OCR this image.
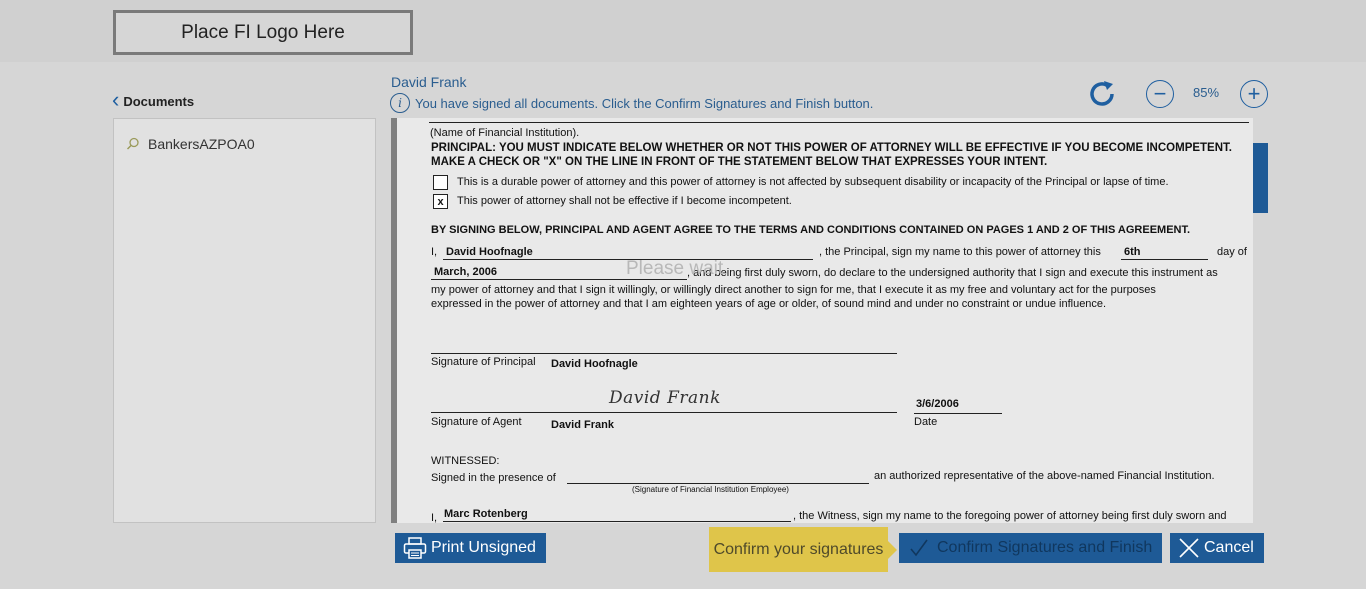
Place FI Logo Here
‹ Documents
BankersAZPOA0
David Frank
i	You have signed all documents. Click the Confirm Signatures and Finish button.	− 85% +
(Name of Financial Institution).
PRINCIPAL: YOU MUST INDICATE BELOW WHETHER OR NOT THIS POWER OF ATTORNEY WILL BE EFFECTIVE IF YOU BECOME INCOMPETENT.
MAKE A CHECK OR "X" ON THE LINE IN FRONT OF THE STATEMENT BELOW THAT EXPRESSES YOUR INTENT.
This is a durable power of attorney and this power of attorney is not affected by subsequent disability or incapacity of the Principal or lapse of time.
x This power of attorney shall not be effective if I become incompetent.
BY SIGNING BELOW, PRINCIPAL AND AGENT AGREE TO THE TERMS AND CONDITIONS CONTAINED ON PAGES 1 AND 2 OF THIS AGREEMENT.
I, David Hoofnagle	, the Principal, sign my name to this power of attorney this 6th	day of
March, 2006	, and being first duly sworn, do declare to the undersigned authority that I sign and execute this instrument as
my power of attorney and that I sign it willingly, or willingly direct another to sign for me, that I execute it as my free and voluntary act for the purposes
expressed in the power of attorney and that I am eighteen years of age or older, of sound mind and under no constraint or undue influence.
Please wait
Signature of Principal David Hoofnagle
David Frank
Signature of Agent	David Frank
3/6/2006
Date
WITNESSED:
Signed in the presence of	an authorized representative of the above-named Financial Institution.
(Signature of Financial Institution Employee)
I, Marc Rotenberg	, the Witness, sign my name to the foregoing power of attorney being first duly sworn and
Print Unsigned	Confirm your signatures	Confirm Signatures and Finish	Cancel
